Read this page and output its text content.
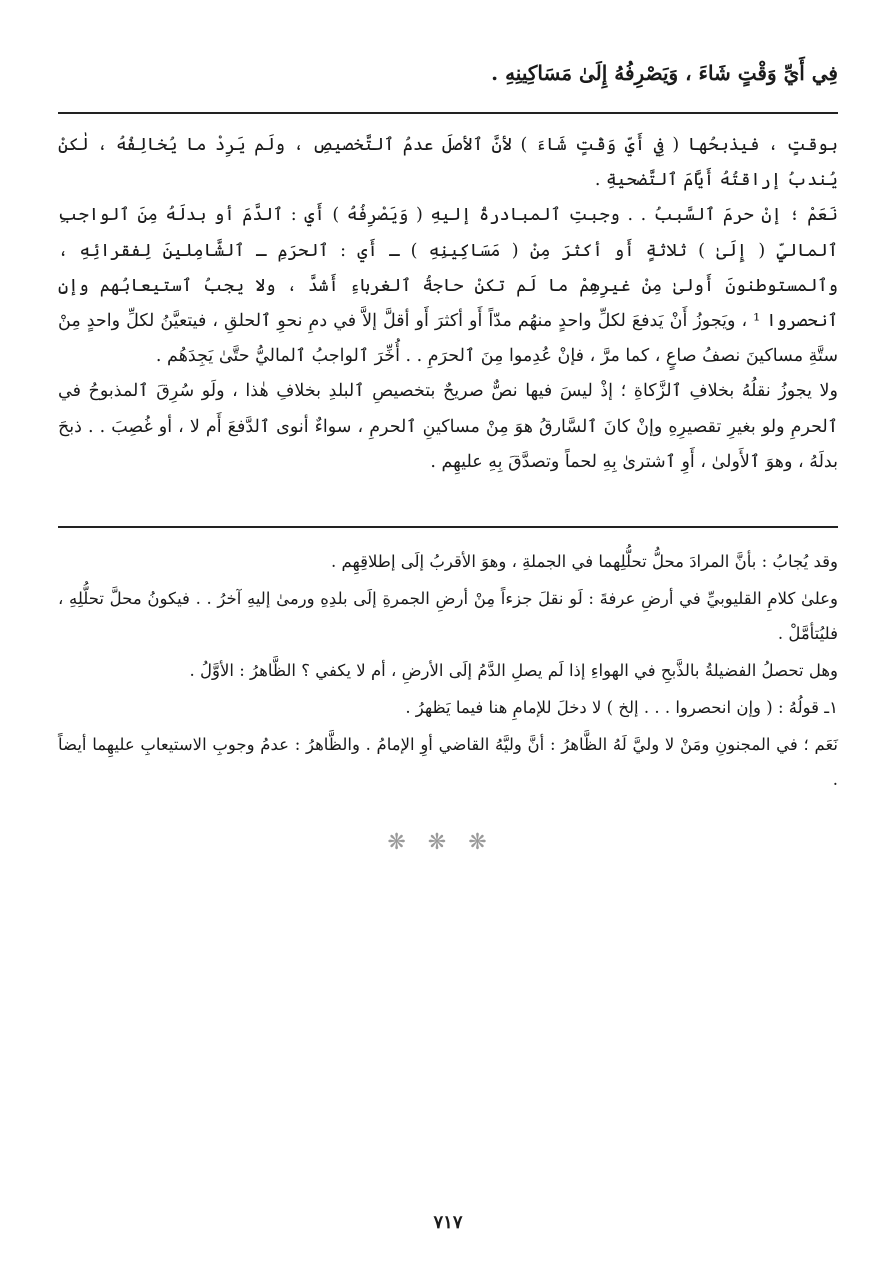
فِي أَيِّ وَقْتٍ شَاءَ ، وَيَصْرِفُهُ إِلَىٰ مَسَاكِينِهِ .

بوقتٍ ، فيذبحُها ( فِي أَيِّ وَقْتٍ شَاءَ ) لأنَّ ٱلأصلَ عدمُ ٱلتَّخصيصِ ، ولَم يَرِدْ ما يُخالِفُهُ ، لٰكنْ يُندبُ إراقتُهُ أَيَّامَ ٱلتَّضحيةِ .

نَعَمْ ؛ إنْ حرمَ ٱلسَّببُ . . وجبتِ ٱلمبادرةُ إليهِ ( وَيَصْرِفُهُ ) أَيِ : ٱلدَّمَ أو بدلَهُ مِنَ ٱلواجبِ ٱلماليِّ ( إِلَىٰ ) ثلاثةٍ أَو أكثرَ مِنْ ( مَسَاكِينِهِ ) ـ أَي : ٱلحرَمِ ـ ٱلشَّامِلينَ لِفقرائِهِ ، وٱلمستوطنونَ أَولىٰ مِنْ غيرِهِمْ ما لَم تكنْ حاجةُ ٱلغرباءِ أَشدَّ ، ولا يجبُ ٱستيعابُهم وإنِ ٱنحصروا ¹ ، ويَجوزُ أَنْ يَدفعَ لكلِّ واحدٍ منهُم مدّاً أَو أكثرَ أَو أقلَّ إلاَّ في دمِ نحوِ ٱلحلقِ ، فيتعيَّنُ لكلِّ واحدٍ مِنْ ستَّةِ مساكينَ نصفُ صاعٍ ، كما مرَّ ، فإنْ عُدِموا مِنَ ٱلحرَمِ . . أُخِّرَ ٱلواجبُ ٱلماليُّ حتَّىٰ يَجِدَهُم .

ولا يجوزُ نقلُهُ بخلافِ ٱلزَّكاةِ ؛ إذْ ليسَ فيها نصٌّ صريحٌ بتخصيصِ ٱلبلدِ بخلافِ هٰذا ، ولَو سُرِقَ ٱلمذبوحُ في ٱلحرمِ ولو بغيرِ تقصيرِهِ وإنْ كانَ ٱلسَّارقُ هوَ مِنْ مساكينِ ٱلحرمِ ، سواءٌ أنوى ٱلدَّفعَ أَم لا ، أو غُصِبَ . . ذبحَ بدلَهُ ، وهوَ ٱلأَولىٰ ، أَوِ ٱشترىٰ بِهِ لحماً وتصدَّقَ بِهِ عليهِم .

وقد يُجابُ : بأنَّ المرادَ محلُّ تحلُّلِهما في الجملةِ ، وهوَ الأقربُ إلَى إطلاقِهِم .

وعلىٰ كلامِ القليوبيِّ في أرضِ عرفةَ : لَو نقلَ جزءاً مِنْ أرضِ الجمرةِ إلَى بلدِهِ ورمىٰ إليهِ آخرُ . . فيكونُ محلَّ تحلُّلِهِ ، فليُتأمَّلْ .

وهل تحصلُ الفضيلةُ بالذَّبحِ في الهواءِ إذا لَم يصلِ الدَّمُ إلَى الأرضِ ، أم لا يكفي ؟ الظَّاهرُ : الأوَّلُ .

١ـ قولُهُ : ( وإن انحصروا . . . إلخ ) لا دخلَ للإمامِ هنا فيما يَظهرُ .

نَعَم ؛ في المجنونِ ومَنْ لا وليَّ لَهُ الظَّاهرُ : أنَّ وليَّهُ القاضي أوِ الإمامُ . والظَّاهرُ : عدمُ وجوبِ الاستيعابِ عليهِما أيضاً .

❋❋❋
٧١٧
